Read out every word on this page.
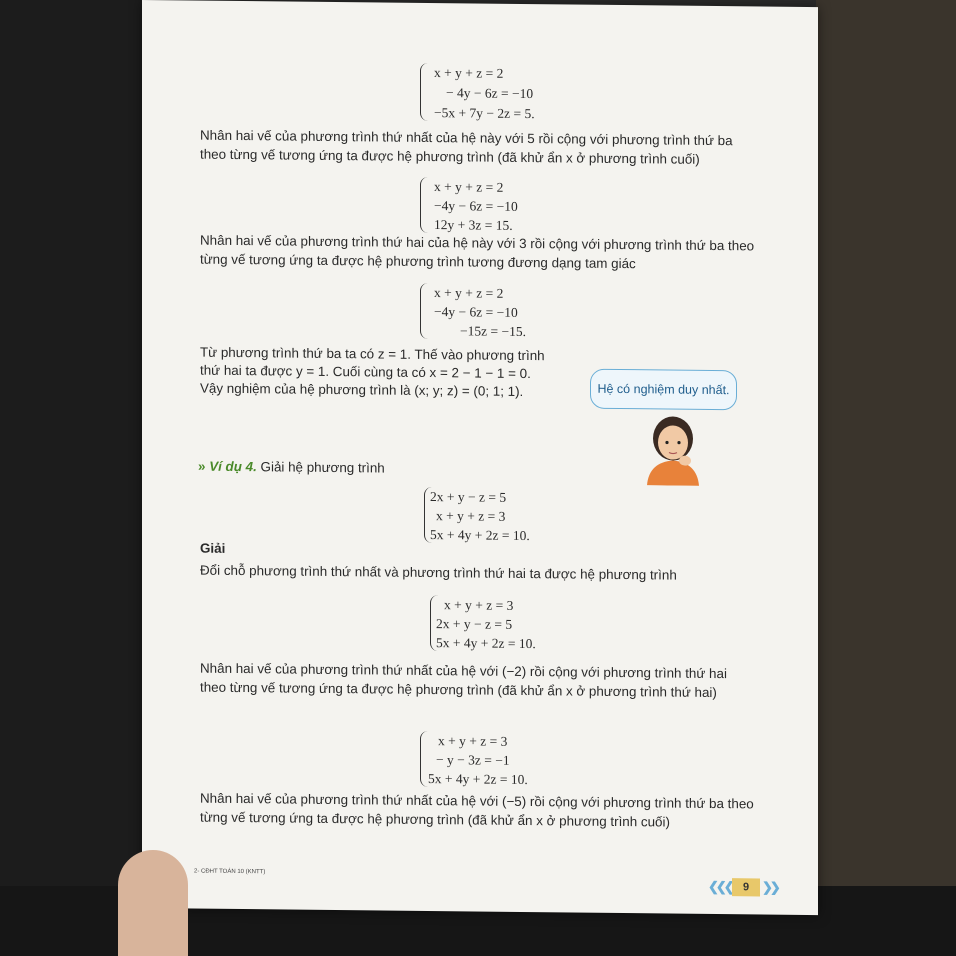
x + y + z = 2
− 4y − 6z = −10
−5x + 7y − 2z = 5.
Nhân hai vế của phương trình thứ nhất của hệ này với 5 rồi cộng với phương trình thứ ba
theo từng vế tương ứng ta được hệ phương trình (đã khử ẩn x ở phương trình cuối)
x + y + z = 2
−4y − 6z = −10
12y + 3z = 15.
Nhân hai vế của phương trình thứ hai của hệ này với 3 rồi cộng với phương trình thứ ba theo
từng vế tương ứng ta được hệ phương trình tương đương dạng tam giác
x + y + z = 2
−4y − 6z = −10
−15z = −15.
Từ phương trình thứ ba ta có z = 1. Thế vào phương trình
thứ hai ta được y = 1. Cuối cùng ta có x = 2 − 1 − 1 = 0.
Vậy nghiệm của hệ phương trình là (x; y; z) = (0; 1; 1).	Hệ có nghiệm duy nhất.
» Ví dụ 4. Giải hệ phương trình
2x + y − z = 5
x + y + z = 3
5x + 4y + 2z = 10.
Giải
Đổi chỗ phương trình thứ nhất và phương trình thứ hai ta được hệ phương trình
x + y + z = 3
2x + y − z = 5
5x + 4y + 2z = 10.
Nhân hai vế của phương trình thứ nhất của hệ với (−2) rồi cộng với phương trình thứ hai
theo từng vế tương ứng ta được hệ phương trình (đã khử ẩn x ở phương trình thứ hai)
x + y + z = 3
− y − 3z = −1
5x + 4y + 2z = 10.
Nhân hai vế của phương trình thứ nhất của hệ với (−5) rồi cộng với phương trình thứ ba theo
từng vế tương ứng ta được hệ phương trình (đã khử ẩn x ở phương trình cuối)
2- CĐHT TOÁN 10 (KNTT)
❮❮❮	9 ❯❯
